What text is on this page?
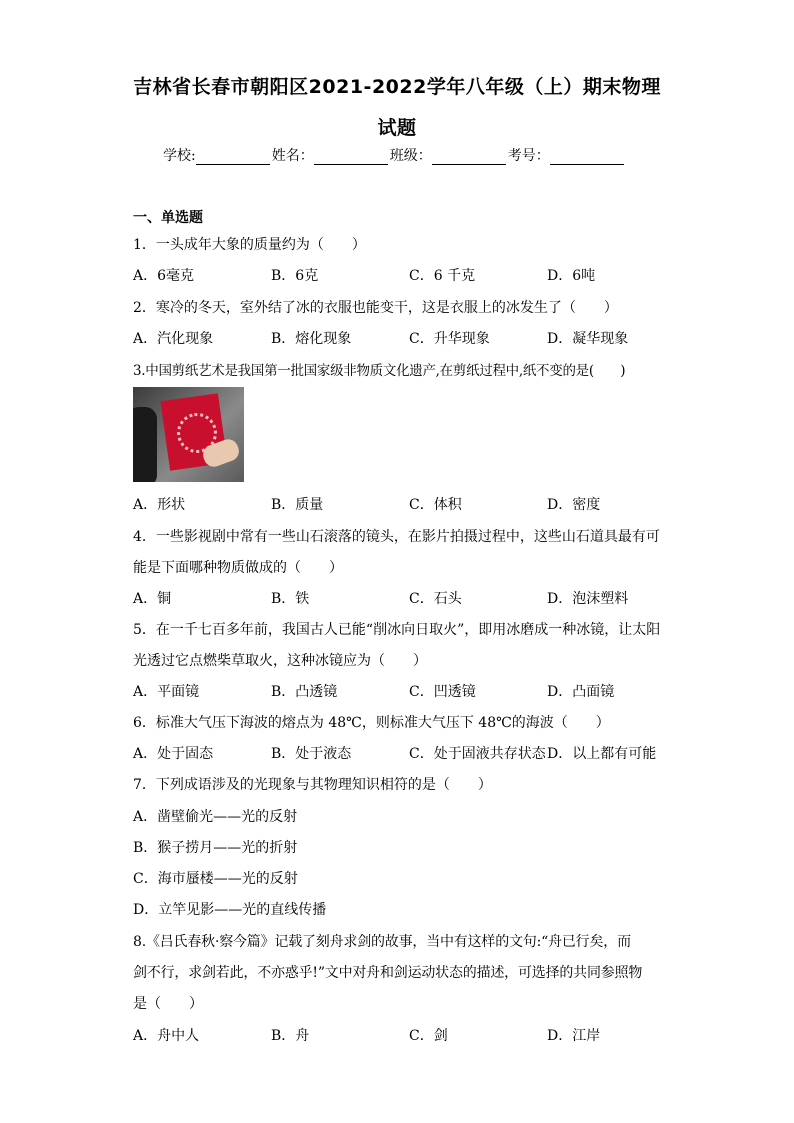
吉林省长春市朝阳区2021-2022学年八年级（上）期末物理
试题
学校:	姓名：	班级：	考号：
一、单选题
1．一头成年大象的质量约为（　　）
A．6毫克	B．6克	C．6 千克	D．6吨
2．寒冷的冬天，室外结了冰的衣服也能变干，这是衣服上的冰发生了（　　）
A．汽化现象	B．熔化现象	C．升华现象	D．凝华现象
3.中国剪纸艺术是我国第一批国家级非物质文化遗产,在剪纸过程中,纸不变的是(　　)
A．形状	B．质量	C．体积	D．密度
4．一些影视剧中常有一些山石滚落的镜头，在影片拍摄过程中，这些山石道具最有可
能是下面哪种物质做成的（　　）
A．铜	B．铁	C．石头	D．泡沫塑料
5．在一千七百多年前，我国古人已能“削冰向日取火”，即用冰磨成一种冰镜，让太阳
光透过它点燃柴草取火，这种冰镜应为（　　）
A．平面镜	B．凸透镜	C．凹透镜	D．凸面镜
6．标准大气压下海波的熔点为 48℃，则标准大气压下 48℃的海波（　　）
A．处于固态	B．处于液态	C．处于固液共存状态 D．以上都有可能
7．下列成语涉及的光现象与其物理知识相符的是（　　）
A．凿壁偷光——光的反射
B．猴子捞月——光的折射
C．海市蜃楼——光的反射
D．立竿见影——光的直线传播
8.《吕氏春秋·察今篇》记载了刻舟求剑的故事，当中有这样的文句:“舟已行矣，而
剑不行，求剑若此，不亦惑乎!”文中对舟和剑运动状态的描述，可选择的共同参照物
是（　　）
A．舟中人	B．舟	C．剑	D．江岸
